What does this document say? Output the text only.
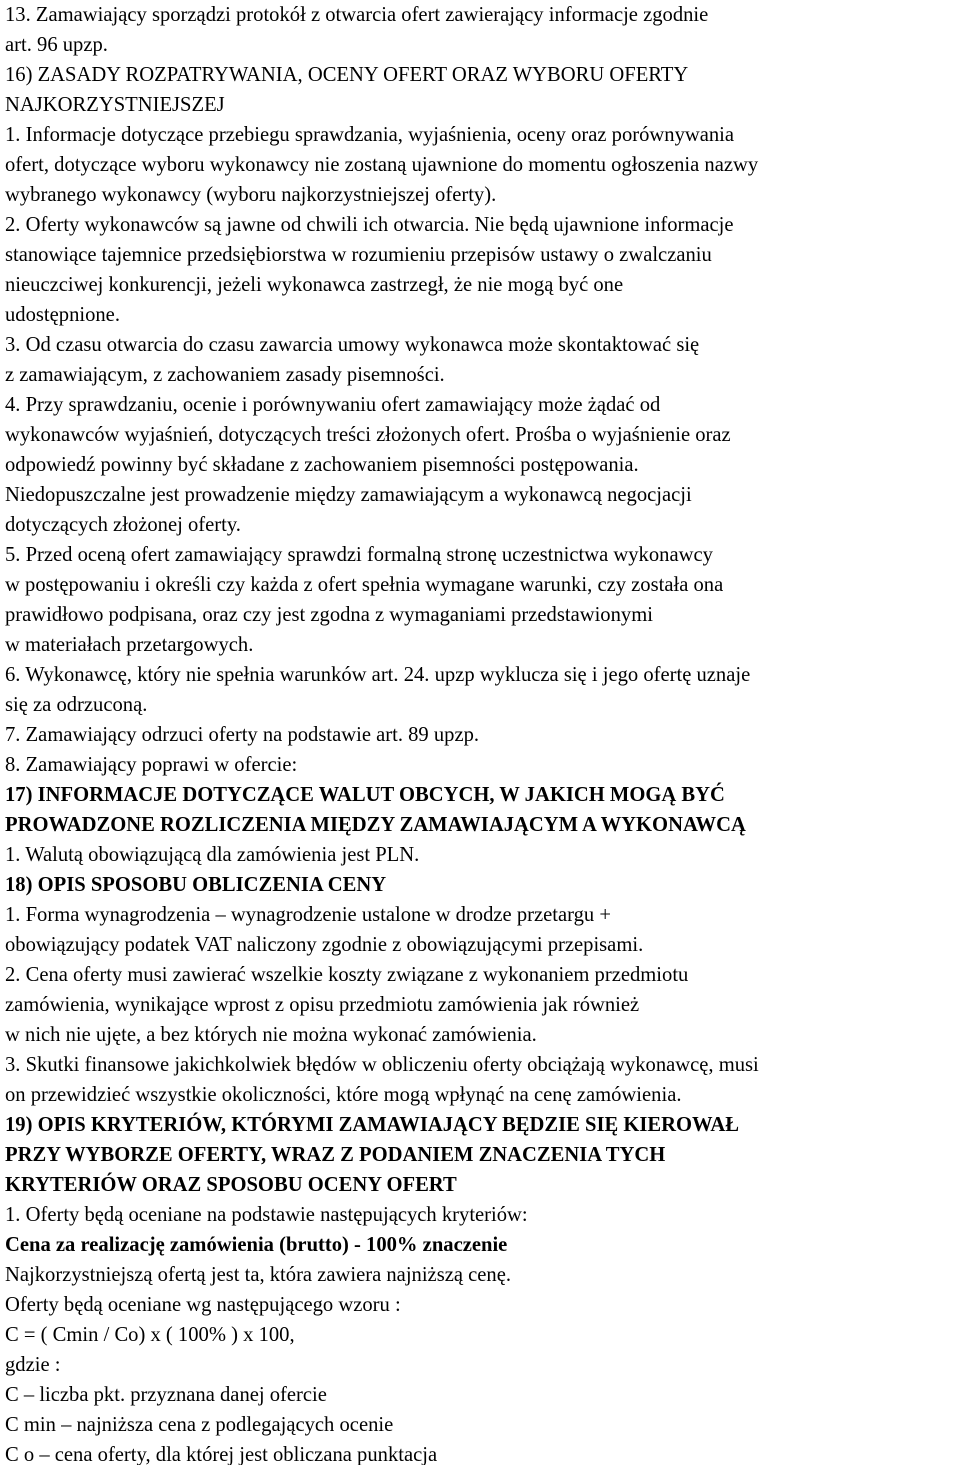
13. Zamawiający sporządzi protokół z otwarcia ofert zawierający informacje zgodnie
art. 96 upzp.
16) ZASADY ROZPATRYWANIA, OCENY OFERT ORAZ WYBORU OFERTY
NAJKORZYSTNIEJSZEJ
1. Informacje dotyczące przebiegu sprawdzania, wyjaśnienia, oceny oraz porównywania
ofert, dotyczące wyboru wykonawcy nie zostaną ujawnione do momentu ogłoszenia nazwy
wybranego wykonawcy (wyboru najkorzystniejszej oferty).
2. Oferty wykonawców są jawne od chwili ich otwarcia. Nie będą ujawnione informacje
stanowiące tajemnice przedsiębiorstwa w rozumieniu przepisów ustawy o zwalczaniu
nieuczciwej konkurencji, jeżeli wykonawca zastrzegł, że nie mogą być one
udostępnione.
3. Od czasu otwarcia do czasu zawarcia umowy wykonawca może skontaktować się
z zamawiającym, z zachowaniem zasady pisemności.
4. Przy sprawdzaniu, ocenie i porównywaniu ofert zamawiający może żądać od
wykonawców wyjaśnień, dotyczących treści złożonych ofert. Prośba o wyjaśnienie oraz
odpowiedź powinny być składane z zachowaniem pisemności postępowania.
Niedopuszczalne jest prowadzenie między zamawiającym a wykonawcą negocjacji
dotyczących złożonej oferty.
5. Przed oceną ofert zamawiający sprawdzi formalną stronę uczestnictwa wykonawcy
w postępowaniu i określi czy każda z ofert spełnia wymagane warunki, czy została ona
prawidłowo podpisana, oraz czy jest zgodna z wymaganiami przedstawionymi
w materiałach przetargowych.
6. Wykonawcę, który nie spełnia warunków art. 24. upzp wyklucza się i jego ofertę uznaje
się za odrzuconą.
7. Zamawiający odrzuci oferty na podstawie art. 89 upzp.
8. Zamawiający poprawi w ofercie:
17) INFORMACJE DOTYCZĄCE WALUT OBCYCH, W JAKICH MOGĄ BYĆ
PROWADZONE ROZLICZENIA MIĘDZY ZAMAWIAJĄCYM A WYKONAWCĄ
1. Walutą obowiązującą dla zamówienia jest PLN.
18) OPIS SPOSOBU OBLICZENIA CENY
1. Forma wynagrodzenia – wynagrodzenie ustalone w drodze przetargu +
obowiązujący podatek VAT naliczony zgodnie z obowiązującymi przepisami.
2. Cena oferty musi zawierać wszelkie koszty związane z wykonaniem przedmiotu
zamówienia, wynikające wprost z opisu przedmiotu zamówienia jak również
w nich nie ujęte, a bez których nie można wykonać zamówienia.
3. Skutki finansowe jakichkolwiek błędów w obliczeniu oferty obciążają wykonawcę, musi
on przewidzieć wszystkie okoliczności, które mogą wpłynąć na cenę zamówienia.
19) OPIS KRYTERIÓW, KTÓRYMI ZAMAWIAJĄCY BĘDZIE SIĘ KIEROWAŁ
PRZY WYBORZE OFERTY, WRAZ Z PODANIEM ZNACZENIA TYCH
KRYTERIÓW ORAZ SPOSOBU OCENY OFERT
1. Oferty będą oceniane na podstawie następujących kryteriów:
Cena za realizację zamówienia (brutto) - 100% znaczenie
Najkorzystniejszą ofertą jest ta, która zawiera najniższą cenę.
Oferty będą oceniane wg następującego wzoru :
C = ( Cmin / Co) x ( 100% ) x 100,
gdzie :
C – liczba pkt. przyznana danej ofercie
C min – najniższa cena z podlegających ocenie
C o – cena oferty, dla której jest obliczana punktacja
